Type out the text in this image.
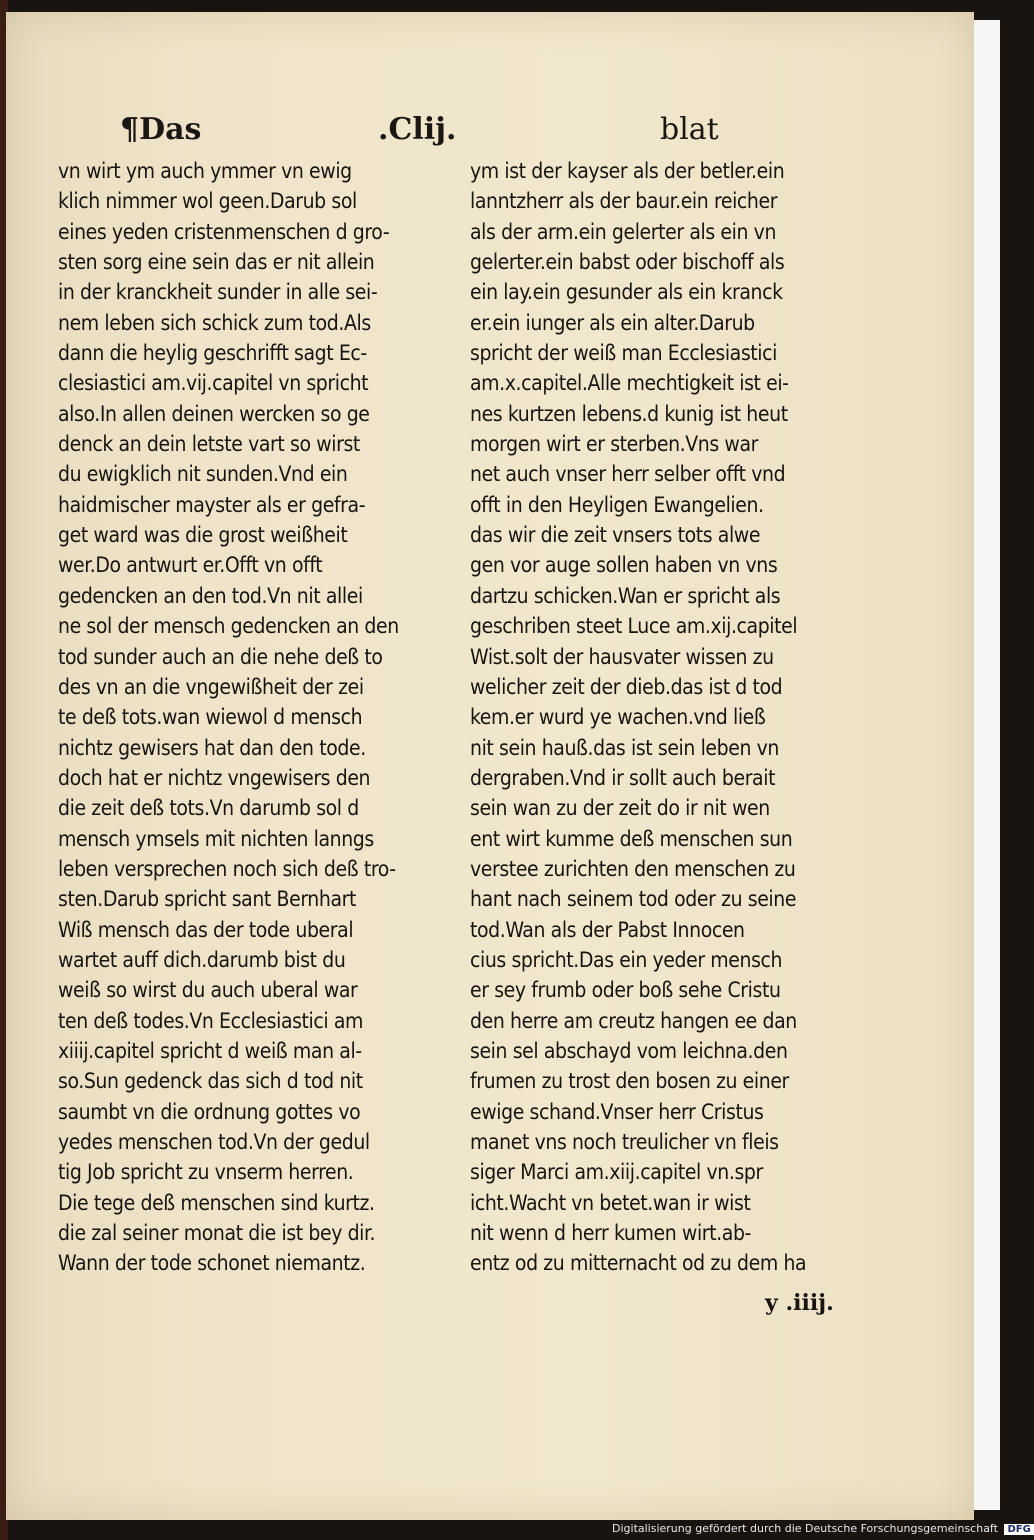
¶Das	.Clij.	blat
vn wirt ym auch ymmer vn ewig
klich nimmer wol geen.Darub sol
eines yeden cristenmenschen d gro-
sten sorg eine sein das er nit allein
in der kranckheit sunder in alle sei-
nem leben sich schick zum tod.Als
dann die heylig geschrifft sagt Ec-
clesiastici am.vij.capitel vn spricht
also.In allen deinen wercken so ge
denck an dein letste vart so wirst
du ewigklich nit sunden.Vnd ein
haidmischer mayster als er gefra-
get ward was die grost weißheit
wer.Do antwurt er.Offt vn offt
gedencken an den tod.Vn nit allei
ne sol der mensch gedencken an den
tod sunder auch an die nehe deß to
des vn an die vngewißheit der zei
te deß tots.wan wiewol d mensch
nichtz gewisers hat dan den tode.
doch hat er nichtz vngewisers den
die zeit deß tots.Vn darumb sol d
mensch ymsels mit nichten lanngs
leben versprechen noch sich deß tro-
sten.Darub spricht sant Bernhart
Wiß mensch das der tode uberal
wartet auff dich.darumb bist du
weiß so wirst du auch uberal war
ten deß todes.Vn Ecclesiastici am
xiiij.capitel spricht d weiß man al-
so.Sun gedenck das sich d tod nit
saumbt vn die ordnung gottes vo
yedes menschen tod.Vn der gedul
tig Job spricht zu vnserm herren.
Die tege deß menschen sind kurtz.
die zal seiner monat die ist bey dir.
Wann der tode schonet niemantz.
ym ist der kayser als der betler.ein
lanntzherr als der baur.ein reicher
als der arm.ein gelerter als ein vn
gelerter.ein babst oder bischoff als
ein lay.ein gesunder als ein kranck
er.ein iunger als ein alter.Darub
spricht der weiß man Ecclesiastici
am.x.capitel.Alle mechtigkeit ist ei-
nes kurtzen lebens.d kunig ist heut
morgen wirt er sterben.Vns war
net auch vnser herr selber offt vnd
offt in den Heyligen Ewangelien.
das wir die zeit vnsers tots alwe
gen vor auge sollen haben vn vns
dartzu schicken.Wan er spricht als
geschriben steet Luce am.xij.capitel
Wist.solt der hausvater wissen zu
welicher zeit der dieb.das ist d tod
kem.er wurd ye wachen.vnd ließ
nit sein hauß.das ist sein leben vn
dergraben.Vnd ir sollt auch berait
sein wan zu der zeit do ir nit wen
ent wirt kumme deß menschen sun
verstee zurichten den menschen zu
hant nach seinem tod oder zu seine
tod.Wan als der Pabst Innocen
cius spricht.Das ein yeder mensch
er sey frumb oder boß sehe Cristu
den herre am creutz hangen ee dan
sein sel abschayd vom leichna.den
frumen zu trost den bosen zu einer
ewige schand.Vnser herr Cristus
manet vns noch treulicher vn fleis
siger Marci am.xiij.capitel vn.spr
icht.Wacht vn betet.wan ir wist
nit wenn d herr kumen wirt.ab-
entz od zu mitternacht od zu dem ha
y .iiij.
Digitalisierung gefördert durch die Deutsche Forschungsgemeinschaft DFG
